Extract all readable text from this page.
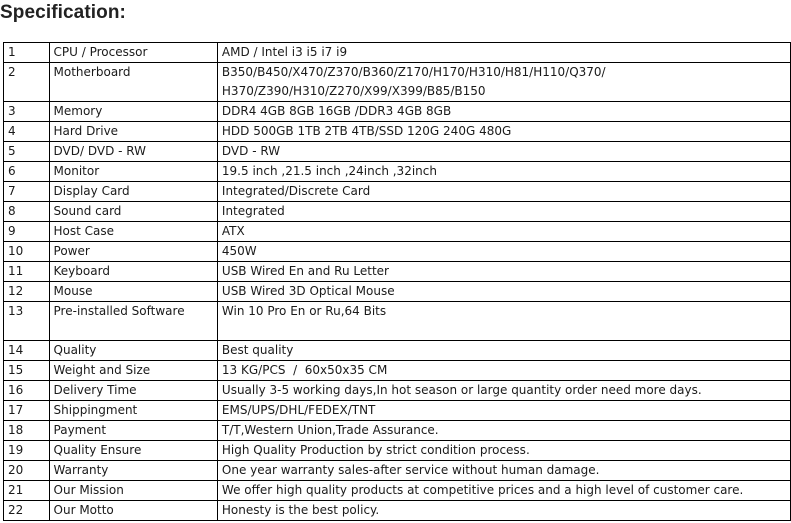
Specification:
1	CPU / Processor	AMD / Intel i3 i5 i7 i9
2	Motherboard	B350/B450/X470/Z370/B360/Z170/H170/H310/H81/H110/Q370/
H370/Z390/H310/Z270/X99/X399/B85/B150

3	Memory	DDR4 4GB 8GB 16GB /DDR3 4GB 8GB
4	Hard Drive	HDD 500GB 1TB 2TB 4TB/SSD 120G 240G 480G
5	DVD/ DVD - RW	DVD - RW
6	Monitor	19.5 inch ,21.5 inch ,24inch ,32inch
7	Display Card	Integrated/Discrete Card
8	Sound card	Integrated
9	Host Case	ATX
10	Power	450W
11	Keyboard	USB Wired En and Ru Letter
12	Mouse	USB Wired 3D Optical Mouse
13	Pre-installed Software	Win 10 Pro En or Ru,64 Bits
14	Quality	Best quality
15	Weight and Size	13 KG/PCS  /  60x50x35 CM
16	Delivery Time	Usually 3-5 working days,In hot season or large quantity order need more days.
17	Shippingment	EMS/UPS/DHL/FEDEX/TNT
18	Payment	T/T,Western Union,Trade Assurance.
19	Quality Ensure	High Quality Production by strict condition process.
20	Warranty	One year warranty sales-after service without human damage.
21	Our Mission	We offer high quality products at competitive prices and a high level of customer care.
22	Our Motto	Honesty is the best policy.
